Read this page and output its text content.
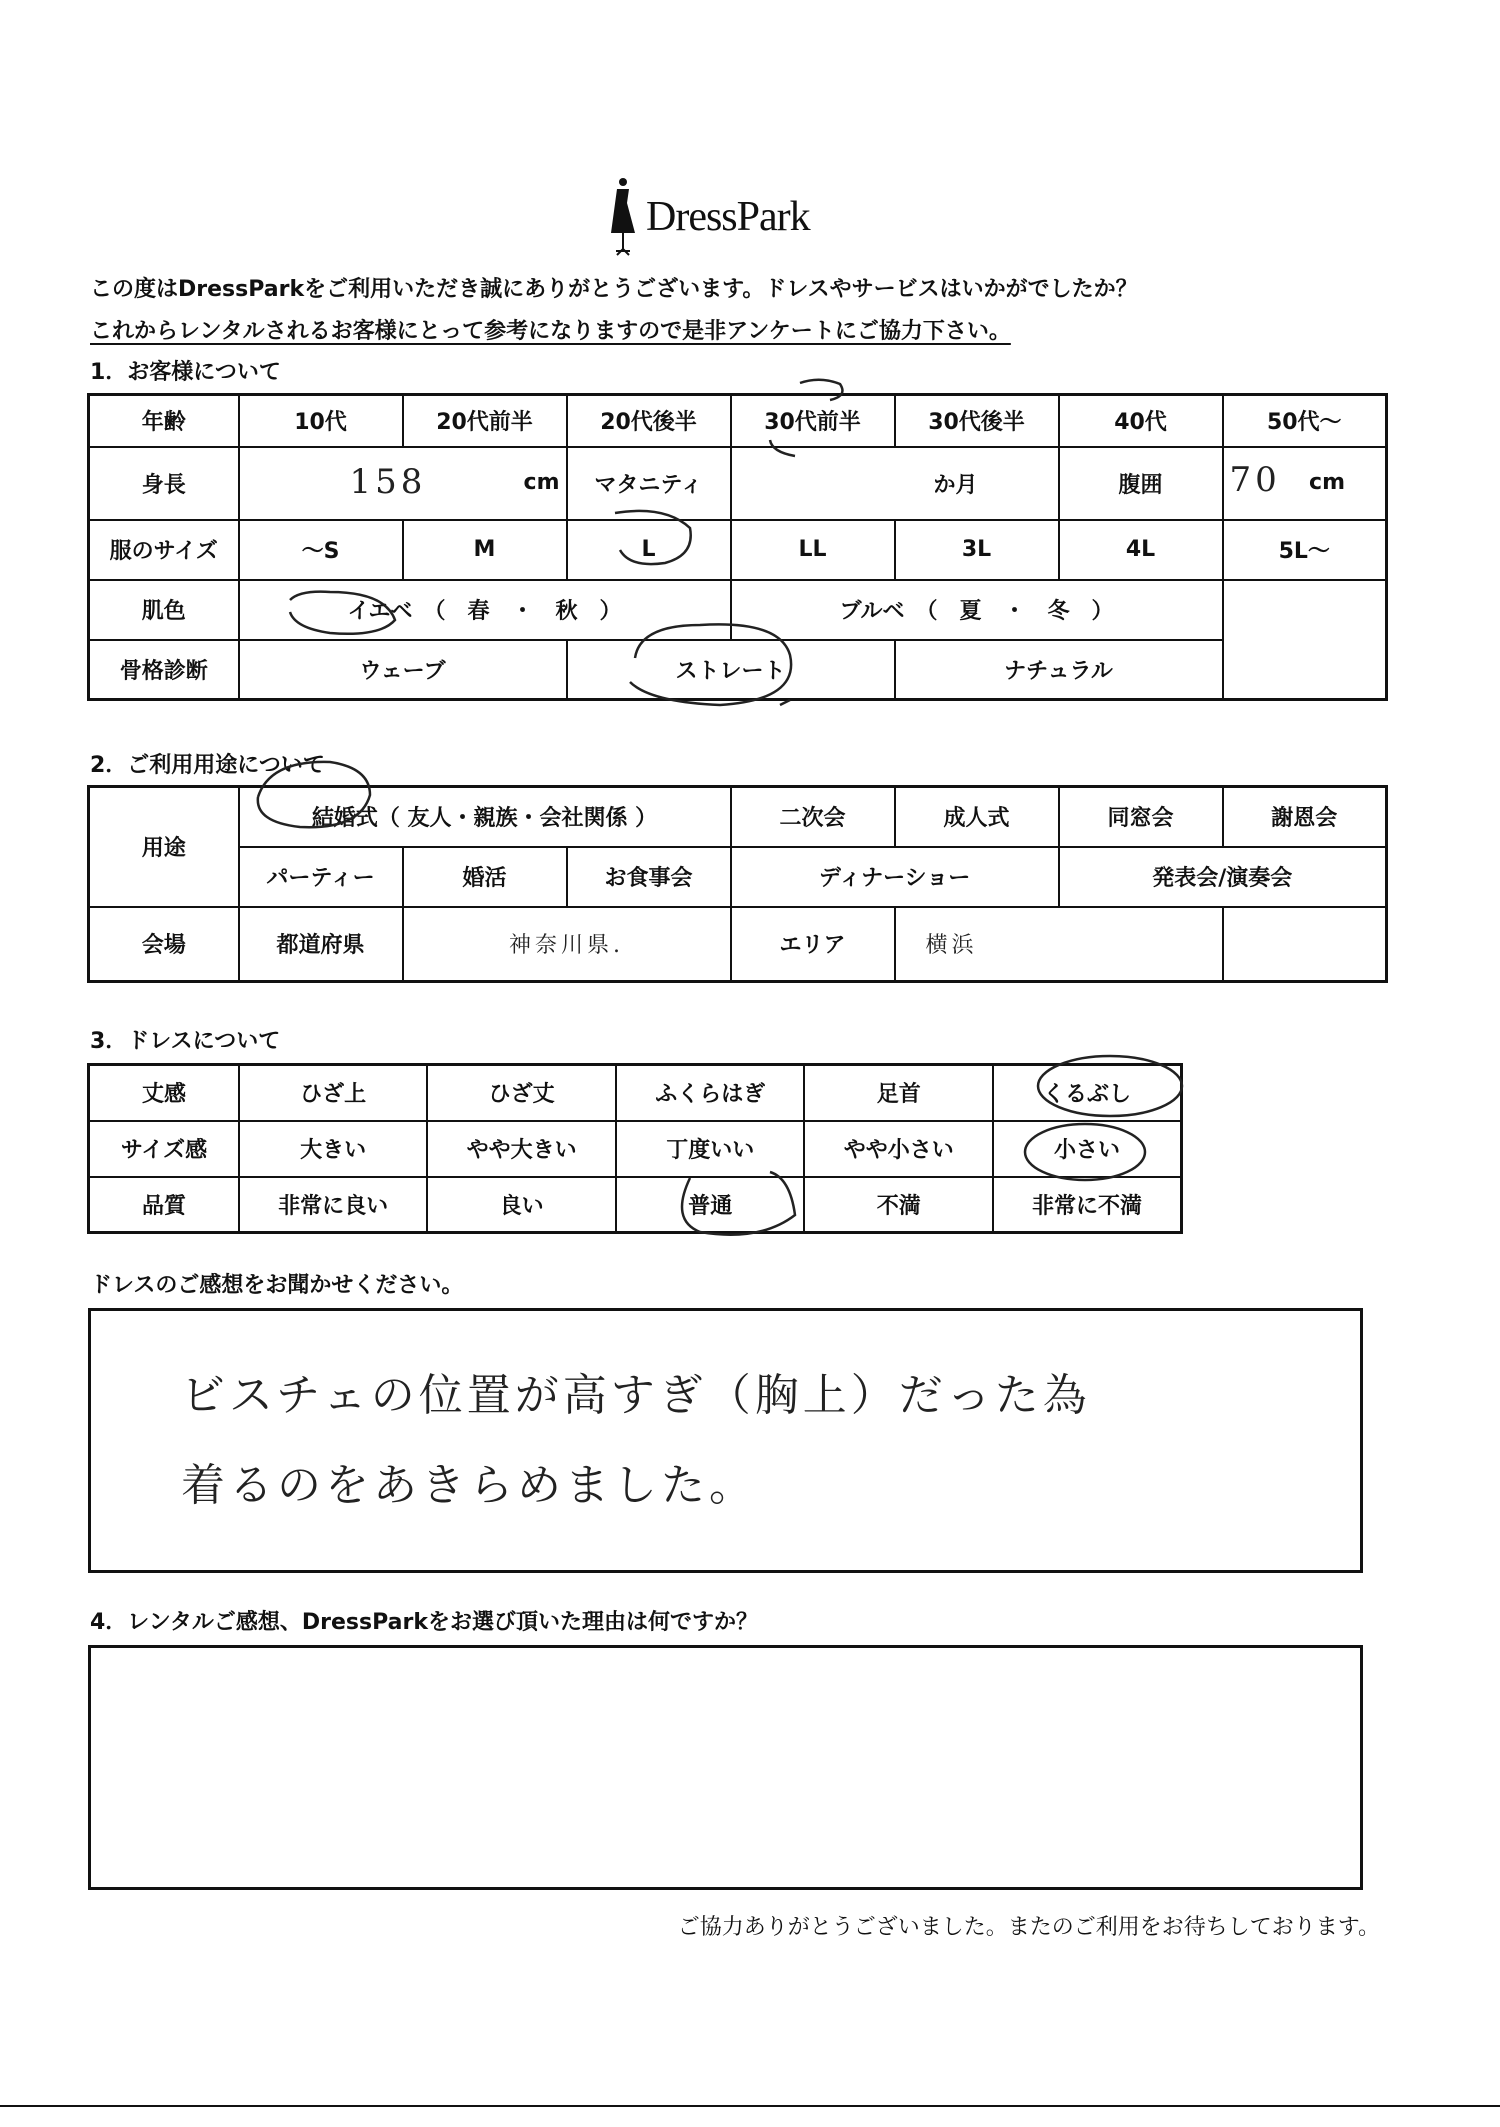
DressPark
この度はDressParkをご利用いただき誠にありがとうございます。ドレスやサービスはいかがでしたか？
これからレンタルされるお客様にとって参考になりますので是非アンケートにご協力下さい。
1．お客様について
年齢	10代	20代前半	20代後半	30代前半	30代後半	40代	50代〜
身長	158 cm		マタニティ	か月		腹囲	70 cm

服のサイズ	〜S	M	L	LL	3L	4L	5L〜
肌色	イエベ　（　春　・　秋　）			ブルベ　（　夏　・　冬　）			
骨格診断	ウェーブ		ストレート		ナチュラル		
2．ご利用用途について
用途	結婚式（ 友人・親族・会社関係 ）			二次会	成人式	同窓会	謝恩会
	パーティー	婚活	お食事会	ディナーショー		発表会/演奏会	
会場	都道府県	神奈川県.		エリア	横浜		
3．ドレスについて
丈感	ひざ上	ひざ丈	ふくらはぎ	足首	くるぶし
サイズ感	大きい	やや大きい	丁度いい	やや小さい	小さい
品質	非常に良い	良い	普通	不満	非常に不満
ドレスのご感想をお聞かせください。
ビスチェの位置が高すぎ（胸上）だった為
着るのをあきらめました。
4．レンタルご感想、DressParkをお選び頂いた理由は何ですか？
ご協力ありがとうございました。またのご利用をお待ちしております。
